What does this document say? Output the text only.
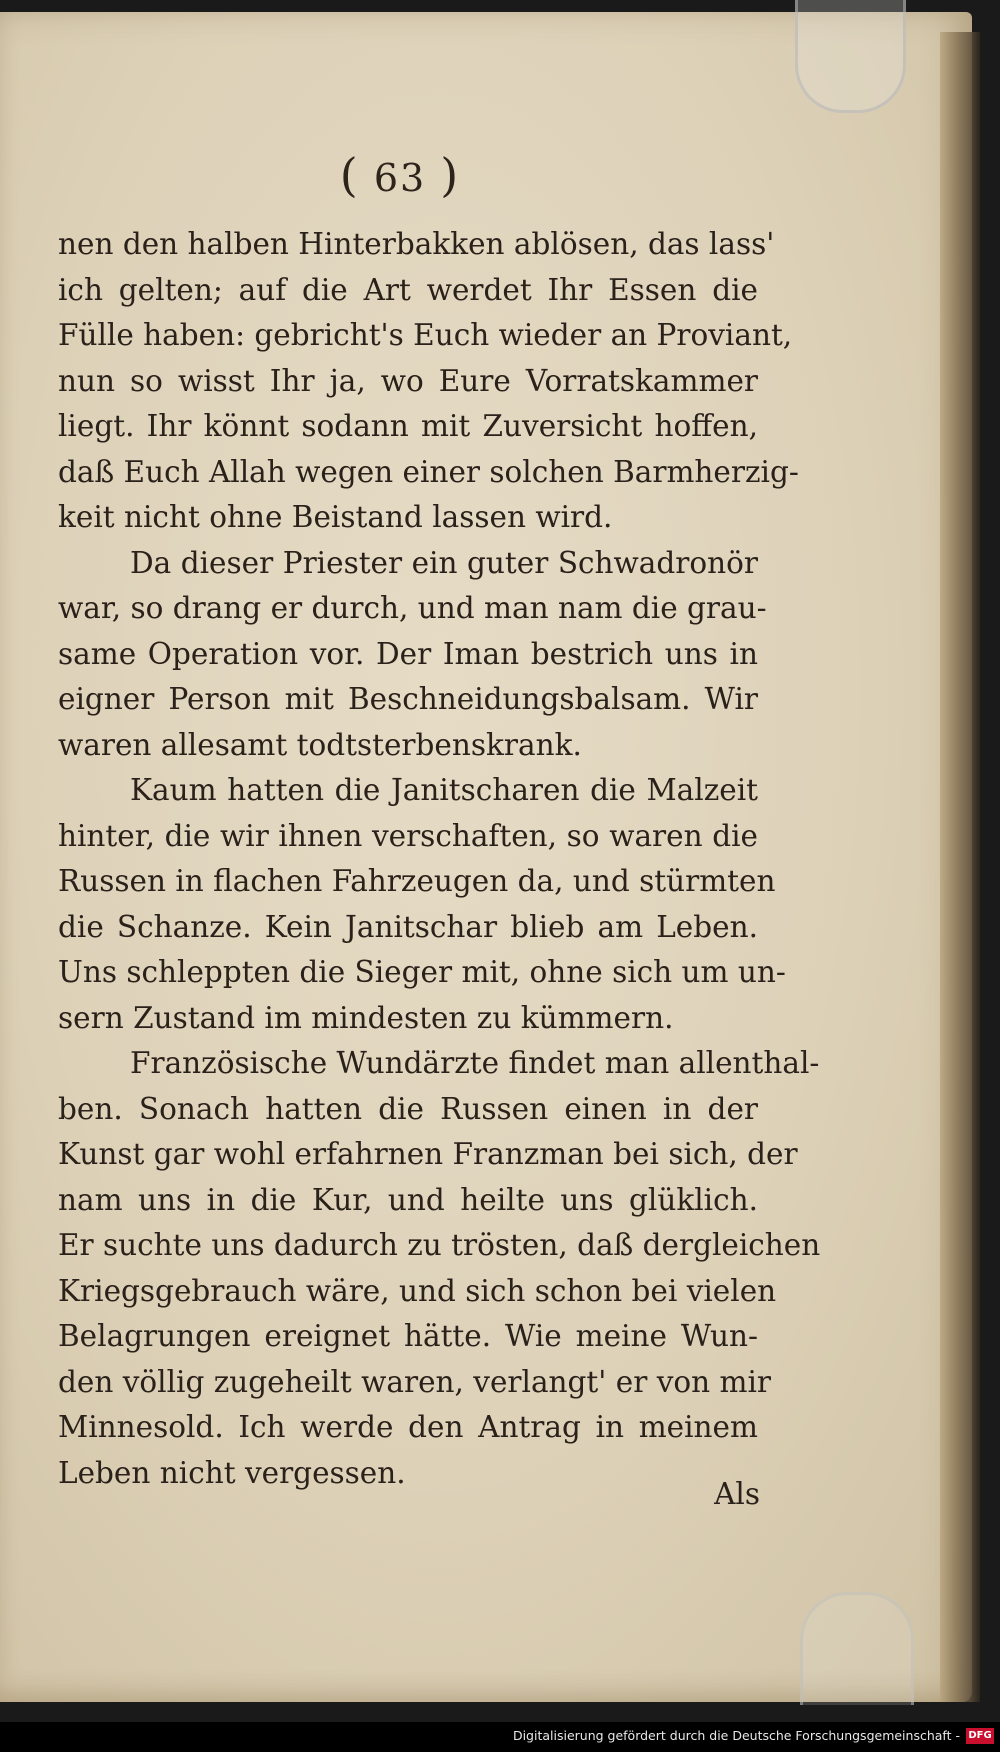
( 63 )
nen den halben Hinterbakken ablösen, das lass'
ich gelten; auf die Art werdet Ihr Essen die
Fülle haben: gebricht's Euch wieder an Proviant,
nun so wisst Ihr ja, wo Eure Vorratskammer
liegt. Ihr könnt sodann mit Zuversicht hoffen,
daß Euch Allah wegen einer solchen Barmherzig-
keit nicht ohne Beistand lassen wird.
Da dieser Priester ein guter Schwadronör
war, so drang er durch, und man nam die grau-
same Operation vor. Der Iman bestrich uns in
eigner Person mit Beschneidungsbalsam. Wir
waren allesamt todtsterbenskrank.
Kaum hatten die Janitscharen die Malzeit
hinter, die wir ihnen verschaften, so waren die
Russen in flachen Fahrzeugen da, und stürmten
die Schanze. Kein Janitschar blieb am Leben.
Uns schleppten die Sieger mit, ohne sich um un-
sern Zustand im mindesten zu kümmern.
Französische Wundärzte findet man allenthal-
ben. Sonach hatten die Russen einen in der
Kunst gar wohl erfahrnen Franzman bei sich, der
nam uns in die Kur, und heilte uns glüklich.
Er suchte uns dadurch zu trösten, daß dergleichen
Kriegsgebrauch wäre, und sich schon bei vielen
Belagrungen ereignet hätte. Wie meine Wun-
den völlig zugeheilt waren, verlangt' er von mir
Minnesold. Ich werde den Antrag in meinem
Leben nicht vergessen.
Als
Digitalisierung gefördert durch die Deutsche Forschungsgemeinschaft - DFG
